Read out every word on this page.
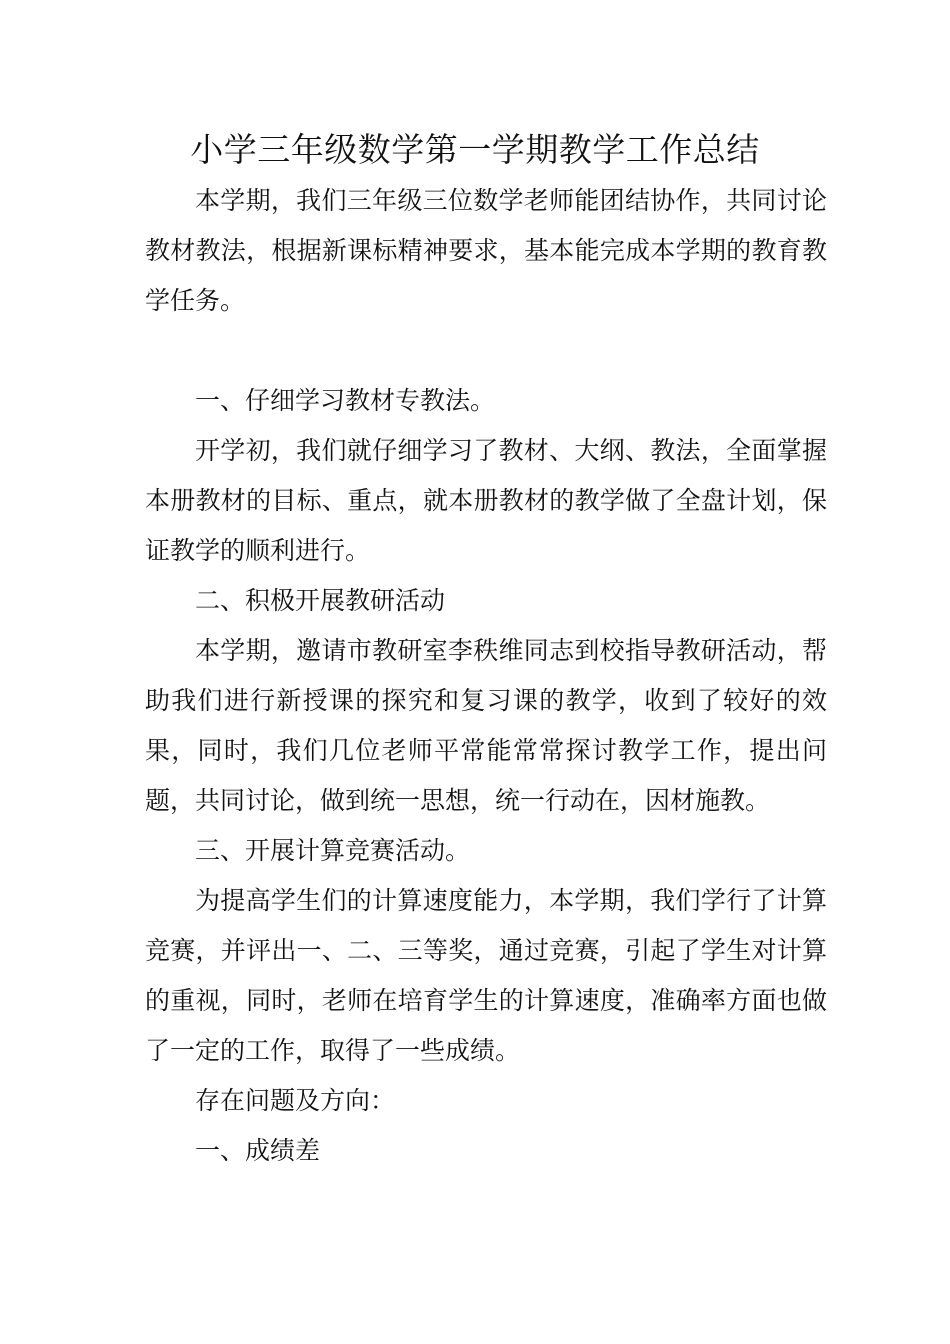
小学三年级数学第一学期教学工作总结

本学期，我们三年级三位数学老师能团结协作，共同讨论教材教法，根据新课标精神要求，基本能完成本学期的教育教学任务。

一、仔细学习教材专教法。

开学初，我们就仔细学习了教材、大纲、教法，全面掌握本册教材的目标、重点，就本册教材的教学做了全盘计划，保证教学的顺利进行。

二、积极开展教研活动

本学期，邀请市教研室李秩维同志到校指导教研活动，帮助我们进行新授课的探究和复习课的教学，收到了较好的效果，同时，我们几位老师平常能常常探讨教学工作，提出问题，共同讨论，做到统一思想，统一行动在，因材施教。

三、开展计算竞赛活动。

为提高学生们的计算速度能力，本学期，我们学行了计算竞赛，并评出一、二、三等奖，通过竞赛，引起了学生对计算的重视，同时，老师在培育学生的计算速度，准确率方面也做了一定的工作，取得了一些成绩。

存在问题及方向：

一、成绩差
